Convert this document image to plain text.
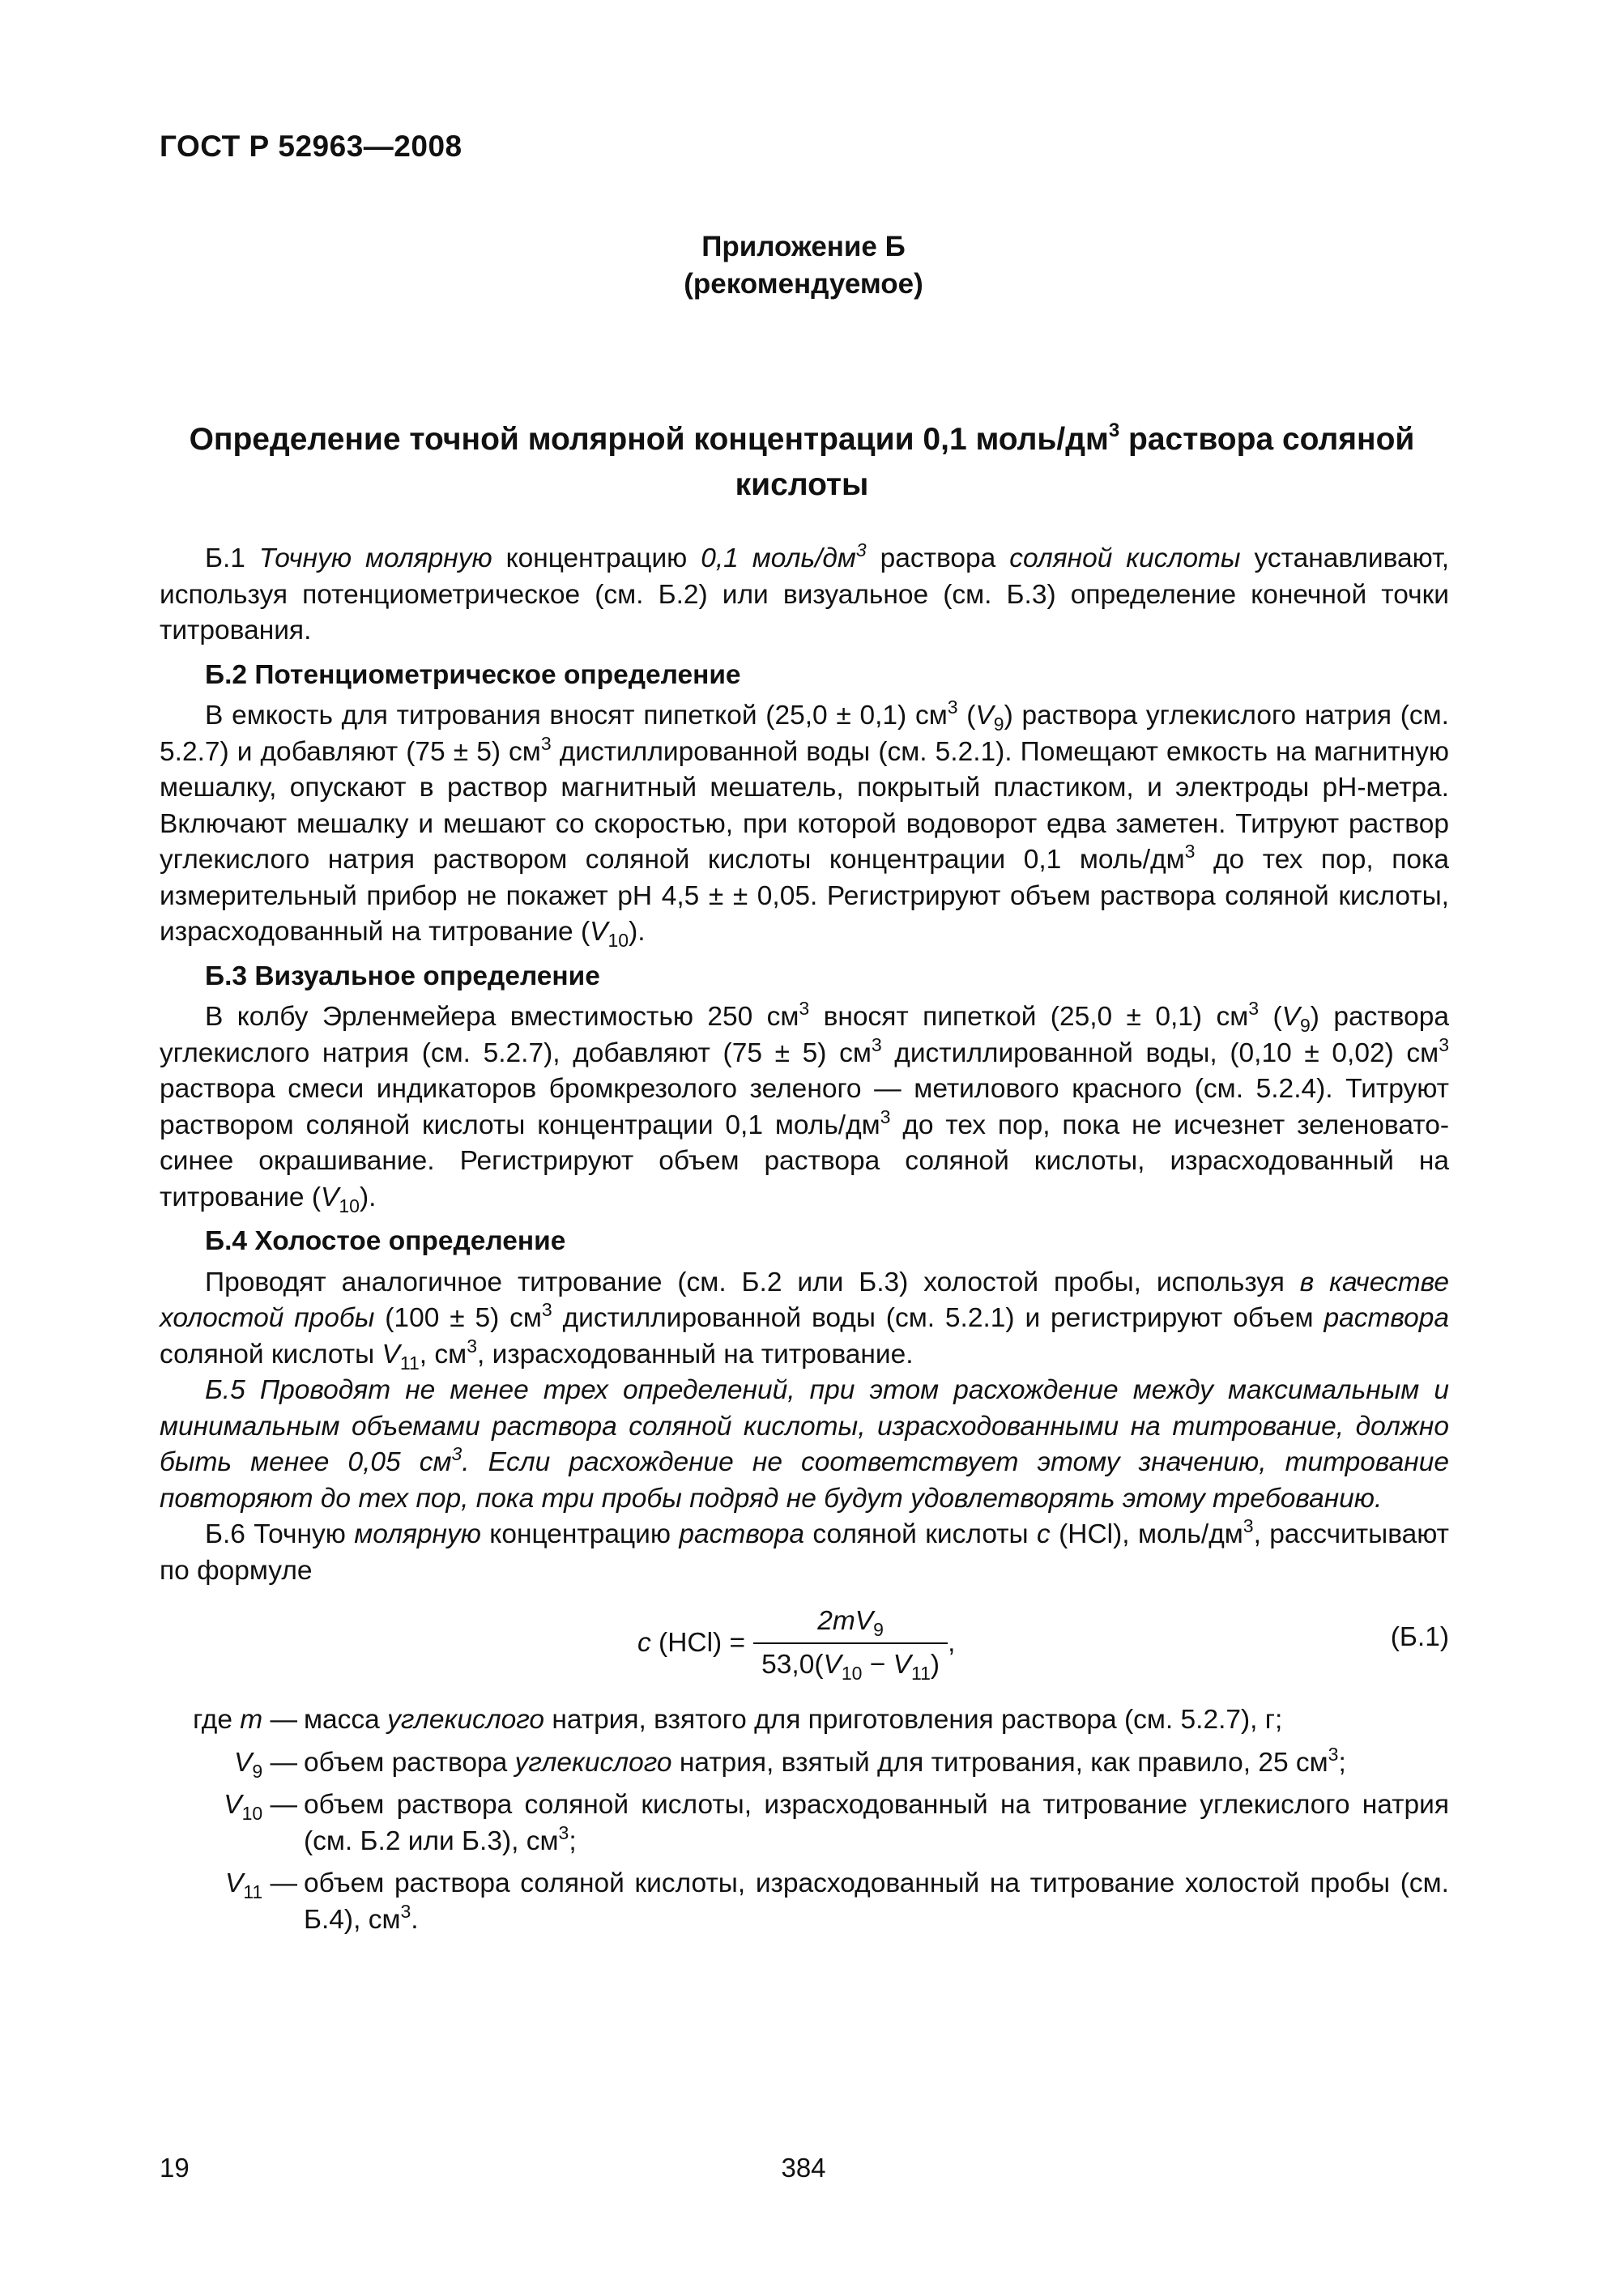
ГОСТ Р 52963—2008
Приложение Б
(рекомендуемое)
Определение точной молярной концентрации 0,1 моль/$дм^3$ раствора соляной кислоты

Б.1 Точную молярную концентрацию 0,1 моль/$дм^3$ раствора соляной кислоты устанавливают, используя потенциометрическое (см. Б.2) или визуальное (см. Б.3) определение конечной точки титрования.

Б.2 Потенциометрическое определение

В емкость для титрования вносят пипеткой (25,0 ± 0,1) $см^3$ $(V_9)$ раствора углекислого натрия (см. 5.2.7) и добавляют (75 ± 5) $см^3$ дистиллированной воды (см. 5.2.1). Помещают емкость на магнитную мешалку, опускают в раствор магнитный мешатель, покрытый пластиком, и электроды pH-метра. Включают мешалку и мешают со скоростью, при которой водоворот едва заметен. Титруют раствор углекислого натрия раствором соляной кислоты концентрации 0,1 моль/$дм^3$ до тех пор, пока измерительный прибор не покажет pH 4,5 ± ± 0,05. Регистрируют объем раствора соляной кислоты, израсходованный на титрование $(V_{10})$.

Б.3 Визуальное определение

В колбу Эрленмейера вместимостью 250 $см^3$ вносят пипеткой (25,0 ± 0,1) $см^3$ $(V_9)$ раствора углекислого натрия (см. 5.2.7), добавляют (75 ± 5) $см^3$ дистиллированной воды, (0,10 ± 0,02) $см^3$ раствора смеси индикаторов бромкрезолого зеленого — метилового красного (см. 5.2.4). Титруют раствором соляной кислоты концентрации 0,1 моль/$дм^3$ до тех пор, пока не исчезнет зеленовато-синее окрашивание. Регистрируют объем раствора соляной кислоты, израсходованный на титрование $(V_{10})$.

Б.4 Холостое определение

Проводят аналогичное титрование (см. Б.2 или Б.3) холостой пробы, используя в качестве холостой пробы (100 ± 5) $см^3$ дистиллированной воды (см. 5.2.1) и регистрируют объем раствора соляной кислоты $V_{11}$, $см^3$, израсходованный на титрование.

Б.5 Проводят не менее трех определений, при этом расхождение между максимальным и минимальным объемами раствора соляной кислоты, израсходованными на титрование, должно быть менее 0,05 $см^3$. Если расхождение не соответствует этому значению, титрование повторяют до тех пор, пока три пробы подряд не будут удовлетворять этому требованию.

Б.6 Точную молярную концентрацию раствора соляной кислоты c (HCl), моль/$дм^3$, рассчитывают по формуле

c $(HCl) = \frac{2mV_9}{53,0(V_{10} - V_{11})}$ ,	(Б.1)
где m — масса углекислого натрия, взятого для приготовления раствора (см. 5.2.7), г;
$V_9$ — объем раствора углекислого натрия, взятый для титрования, как правило, 25 $см^3$;
$V_{10}$ — объем раствора соляной кислоты, израсходованный на титрование углекислого натрия (см. Б.2 или Б.3), $см^3$;
$V_{11}$ — объем раствора соляной кислоты, израсходованный на титрование холостой пробы (см. Б.4), $см^3$.
19	384
